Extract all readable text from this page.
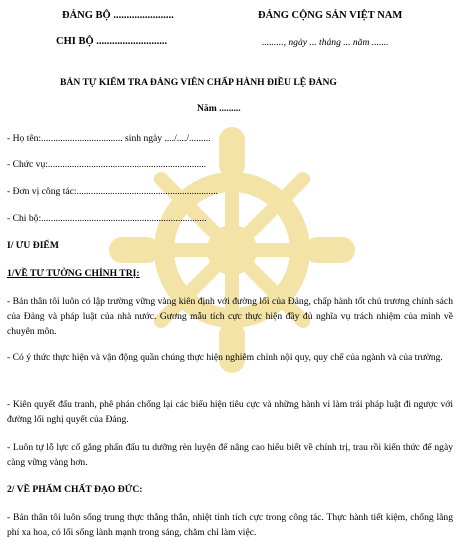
ĐẢNG BỘ .......................
CHI BỘ ...........................
ĐẢNG CỘNG SẢN VIỆT NAM
........., ngày ... tháng ... năm .......
BẢN TỰ KIỂM TRA ĐẢNG VIÊN CHẤP HÀNH ĐIỀU LỆ ĐẢNG
Năm .........
- Họ tên:.................................. sinh ngày ..../..../.........
- Chức vụ:..................................................................
- Đơn vị công tác:...........................................................
- Chi bộ:.....................................................................
I/ ƯU ĐIỂM
1/VỀ TƯ TƯỞNG CHÍNH TRỊ:
- Bản thân tôi luôn có lập trường vững vàng kiên định với đường lối của Đảng, chấp hành tốt chủ trương chính sách của Đảng và pháp luật của nhà nước. Gương mẫu tích cực thực hiện đầy đủ nghĩa vụ trách nhiệm của mình về chuyên môn.
- Có ý thức thực hiện và vận động quần chúng thực hiện nghiêm chỉnh nội quy, quy chế của ngành và của trường.
- Kiên quyết đấu tranh, phê phán chống lại các biểu hiện tiêu cực và những hành vi làm trái pháp luật đi ngược với đường lối nghị quyết của Đảng.
- Luôn tự lỗ lực cố gắng phấn đấu tu dưỡng rèn luyện để nâng cao hiểu biết về chính trị, trau rồi kiến thức để ngày càng vững vàng hơn.
2/ VỀ PHẨM CHẤT ĐẠO ĐỨC:
- Bản thân tôi luôn sống trung thực thẳng thắn, nhiệt tình tích cực trong công tác. Thực hành tiết kiệm, chống lãng phí xa hoa, có lối sống lành mạnh trong sáng, chăm chỉ làm việc.
